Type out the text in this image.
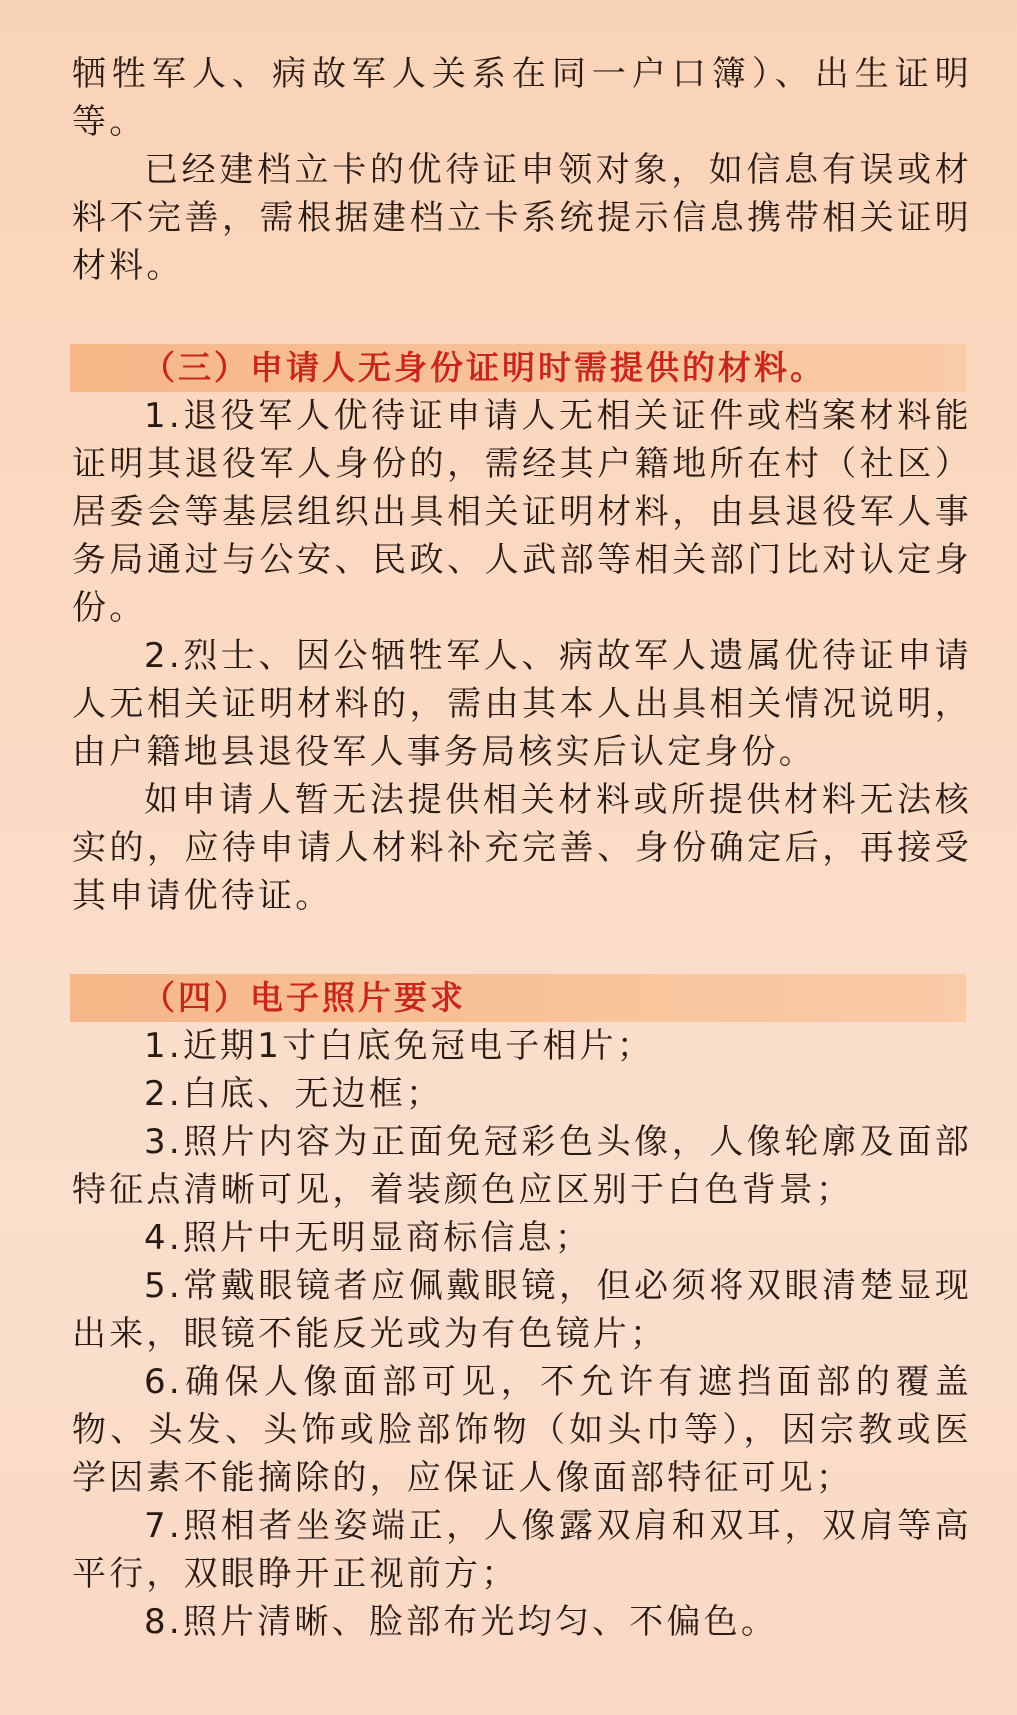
牺牲军人、病故军人关系在同一户口簿）、出生证明等。

已经建档立卡的优待证申领对象，如信息有误或材料不完善，需根据建档立卡系统提示信息携带相关证明材料。

（三）申请人无身份证明时需提供的材料。

1.退役军人优待证申请人无相关证件或档案材料能证明其退役军人身份的，需经其户籍地所在村（社区）居委会等基层组织出具相关证明材料，由县退役军人事务局通过与公安、民政、人武部等相关部门比对认定身份。

2.烈士、因公牺牲军人、病故军人遗属优待证申请人无相关证明材料的，需由其本人出具相关情况说明，由户籍地县退役军人事务局核实后认定身份。

如申请人暂无法提供相关材料或所提供材料无法核实的，应待申请人材料补充完善、身份确定后，再接受其申请优待证。

（四）电子照片要求

1.近期1寸白底免冠电子相片；

2.白底、无边框；

3.照片内容为正面免冠彩色头像，人像轮廓及面部特征点清晰可见，着装颜色应区别于白色背景；

4.照片中无明显商标信息；

5.常戴眼镜者应佩戴眼镜，但必须将双眼清楚显现出来，眼镜不能反光或为有色镜片；

6.确保人像面部可见，不允许有遮挡面部的覆盖物、头发、头饰或脸部饰物（如头巾等），因宗教或医学因素不能摘除的，应保证人像面部特征可见；

7.照相者坐姿端正，人像露双肩和双耳，双肩等高平行，双眼睁开正视前方；

8.照片清晰、脸部布光均匀、不偏色。
